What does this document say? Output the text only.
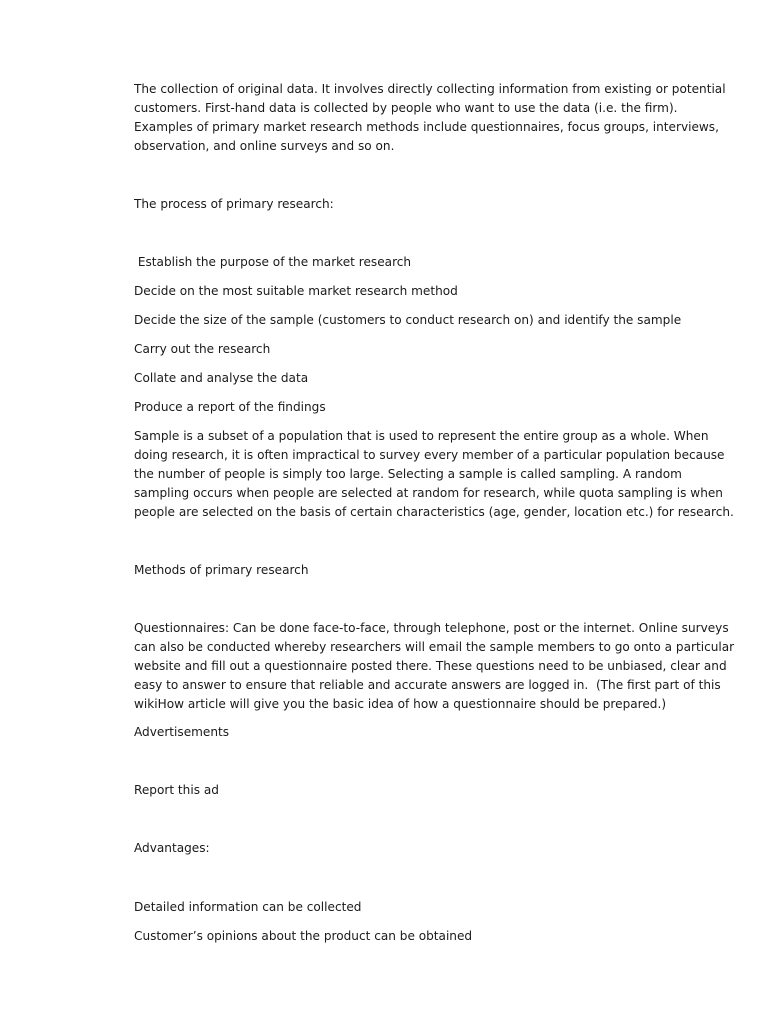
The collection of original data. It involves directly collecting information from existing or potential

customers. First-hand data is collected by people who want to use the data (i.e. the firm).

Examples of primary market research methods include questionnaires, focus groups, interviews,

observation, and online surveys and so on.

The process of primary research:

Establish the purpose of the market research

Decide on the most suitable market research method

Decide the size of the sample (customers to conduct research on) and identify the sample

Carry out the research

Collate and analyse the data

Produce a report of the findings

Sample is a subset of a population that is used to represent the entire group as a whole. When

doing research, it is often impractical to survey every member of a particular population because

the number of people is simply too large. Selecting a sample is called sampling. A random

sampling occurs when people are selected at random for research, while quota sampling is when

people are selected on the basis of certain characteristics (age, gender, location etc.) for research.

Methods of primary research

Questionnaires: Can be done face-to-face, through telephone, post or the internet. Online surveys

can also be conducted whereby researchers will email the sample members to go onto a particular

website and fill out a questionnaire posted there. These questions need to be unbiased, clear and

easy to answer to ensure that reliable and accurate answers are logged in.  (The first part of this

wikiHow article will give you the basic idea of how a questionnaire should be prepared.)

Advertisements

Report this ad

Advantages:

Detailed information can be collected

Customer’s opinions about the product can be obtained
